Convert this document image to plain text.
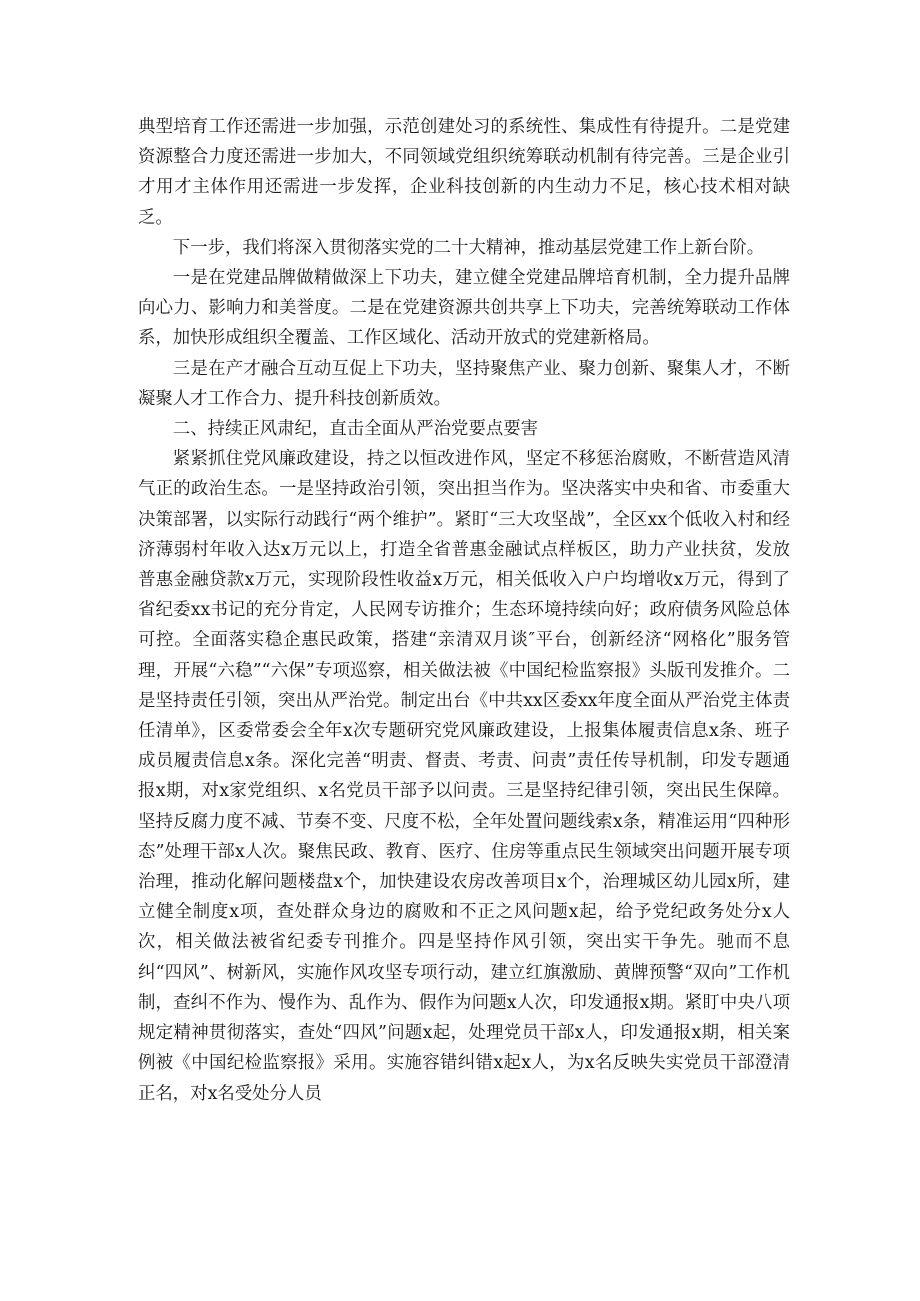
典型培育工作还需进一步加强，示范创建处习的系统性、集成性有待提升。二是党建资源整合力度还需进一步加大，不同领域党组织统筹联动机制有待完善。三是企业引才用才主体作用还需进一步发挥，企业科技创新的内生动力不足，核心技术相对缺乏。

下一步，我们将深入贯彻落实党的二十大精神，推动基层党建工作上新台阶。

一是在党建品牌做精做深上下功夫，建立健全党建品牌培育机制，全力提升品牌向心力、影响力和美誉度。二是在党建资源共创共享上下功夫，完善统筹联动工作体系，加快形成组织全覆盖、工作区域化、活动开放式的党建新格局。

三是在产才融合互动互促上下功夫，坚持聚焦产业、聚力创新、聚集人才，不断凝聚人才工作合力、提升科技创新质效。

二、持续正风肃纪，直击全面从严治党要点要害

紧紧抓住党风廉政建设，持之以恒改进作风，坚定不移惩治腐败，不断营造风清气正的政治生态。一是坚持政治引领，突出担当作为。坚决落实中央和省、市委重大决策部署，以实际行动践行“两个维护”。紧盯“三大攻坚战”，全区xx个低收入村和经济薄弱村年收入达x万元以上，打造全省普惠金融试点样板区，助力产业扶贫，发放普惠金融贷款x万元，实现阶段性收益x万元，相关低收入户户均增收x万元，得到了省纪委xx书记的充分肯定，人民网专访推介；生态环境持续向好；政府债务风险总体可控。全面落实稳企惠民政策，搭建“亲清双月谈″平台，创新经济“网格化”服务管理，开展“六稳”“六保”专项巡察，相关做法被《中国纪检监察报》头版刊发推介。二是坚持责任引领，突出从严治党。制定出台《中共xx区委xx年度全面从严治党主体责任清单》，区委常委会全年x次专题研究党风廉政建设，上报集体履责信息x条、班子成员履责信息x条。深化完善“明责、督责、考责、问责”责任传导机制，印发专题通报x期，对x家党组织、x名党员干部予以问责。三是坚持纪律引领，突出民生保障。坚持反腐力度不减、节奏不变、尺度不松，全年处置问题线索x条，精准运用“四种形态”处理干部x人次。聚焦民政、教育、医疗、住房等重点民生领域突出问题开展专项治理，推动化解问题楼盘x个，加快建设农房改善项目x个，治理城区幼儿园x所，建立健全制度x项，查处群众身边的腐败和不正之风问题x起，给予党纪政务处分x人次，相关做法被省纪委专刊推介。四是坚持作风引领，突出实干争先。驰而不息纠“四风”、树新风，实施作风攻坚专项行动，建立红旗激励、黄牌预警“双向”工作机制，查纠不作为、慢作为、乱作为、假作为问题x人次，印发通报x期。紧盯中央八项规定精神贯彻落实，查处“四风”问题x起，处理党员干部x人，印发通报x期，相关案例被《中国纪检监察报》采用。实施容错纠错x起x人，为x名反映失实党员干部澄清正名，对x名受处分人员
